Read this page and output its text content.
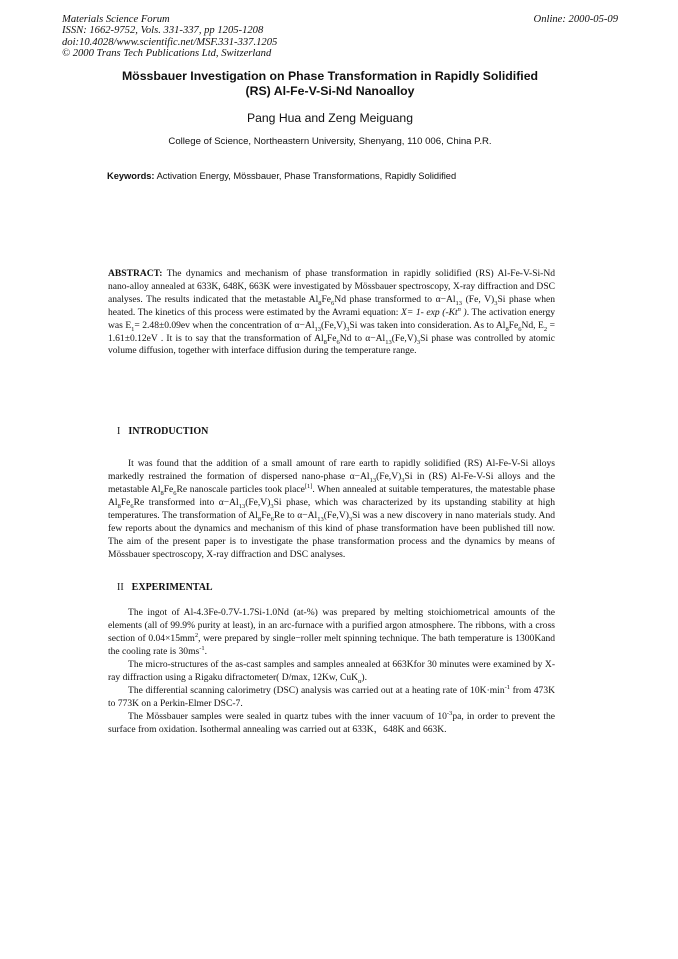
Materials Science Forum
ISSN: 1662-9752, Vols. 331-337, pp 1205-1208
doi:10.4028/www.scientific.net/MSF.331-337.1205
© 2000 Trans Tech Publications Ltd, Switzerland
Online: 2000-05-09
Mössbauer Investigation on Phase Transformation in Rapidly Solidified
(RS) Al-Fe-V-Si-Nd Nanoalloy
Pang Hua and Zeng Meiguang
College of Science, Northeastern University, Shenyang, 110 006, China P.R.
Keywords: Activation Energy, Mössbauer, Phase Transformations, Rapidly Solidified
ABSTRACT: The dynamics and mechanism of phase transformation in rapidly solidified (RS) Al-Fe-V-Si-Nd nano-alloy annealed at 633K, 648K, 663K were investigated by Mössbauer spectroscopy, X-ray diffraction and DSC analyses. The results indicated that the metastable $Al_8Fe_6Nd$ phase transformed to $\alpha-Al_{13}$ (Fe, $V)_3Si$ phase when heated. The kinetics of this process were estimated by the Avrami equation: X= 1- exp (-Kt$^n$ ). The activation energy was $E_1= 2.48\pm 0.09ev$ when the concentration of $\alpha-Al_{13}(Fe,V)_3Si$ was taken into consideration. As to $Al_8Fe_6Nd$, $E_2 = 1.61\pm 0.12eV$ . It is to say that the transformation of $Al_8Fe_6Nd$ to $\alpha-Al_{13}(Fe,V)_3Si$ phase was controlled by atomic volume diffusion, together with interface diffusion during the temperature range.
I INTRODUCTION

It was found that the addition of a small amount of rare earth to rapidly solidified (RS) Al-Fe-V-Si alloys markedly restrained the formation of dispersed nano-phase $\alpha-Al_{13}(Fe,V)_3Si$ in (RS) Al-Fe-V-Si alloys and the metastable $Al_8Fe_6Re$ nanoscale particles took place[1]. When annealed at suitable temperatures, the matestable phase $Al_8Fe_6Re$ transformed into $\alpha-Al_{13}(Fe,V)_3Si$ phase, which was characterized by its upstanding stability at high temperatures. The transformation of $Al_8Fe_6Re$ to $\alpha-Al_{13}(Fe,V)_3Si$ was a new discovery in nano materials study. And few reports about the dynamics and mechanism of this kind of phase transformation have been published till now. The aim of the present paper is to investigate the phase transformation process and the dynamics by means of Mössbauer spectroscopy, X-ray diffraction and DSC analyses.

II EXPERIMENTAL

The ingot of Al-4.3Fe-0.7V-1.7Si-1.0Nd (at-%) was prepared by melting stoichiometrical amounts of the elements (all of 99.9% purity at least), in an arc-furnace with a purified argon atmosphere. The ribbons, with a cross section of $0.04\times 15mm^2$, were prepared by single−roller melt spinning technique. The bath temperature is 1300Kand the cooling rate is $30ms^{-1}$.

The micro-structures of the as-cast samples and samples annealed at 663Kfor 30 minutes were examined by X-ray diffraction using a Rigaku difractometer( D/max, 12Kw, CuK$_\alpha$).

The differential scanning calorimetry (DSC) analysis was carried out at a heating rate of $10K\cdot\min^{-1}$ from 473K to 773K on a Perkin-Elmer DSC-7.

The Mössbauer samples were sealed in quartz tubes with the inner vacuum of $10^{-3}pa$, in order to prevent the surface from oxidation. Isothermal annealing was carried out at 633K，648K and 663K.
